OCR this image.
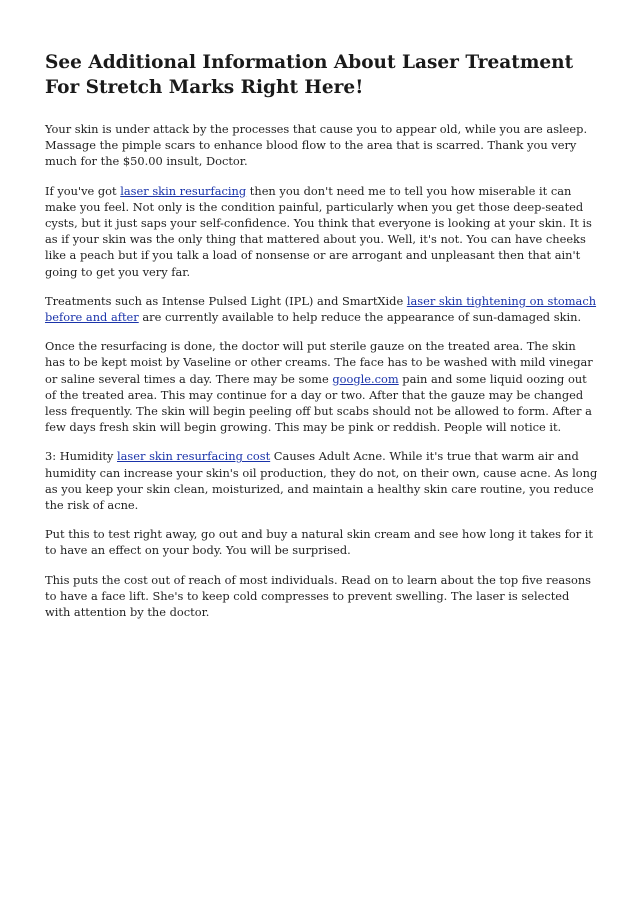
See Additional Information About Laser Treatment For Stretch Marks Right Here!

Your skin is under attack by the processes that cause you to appear old, while you are asleep. Massage the pimple scars to enhance blood flow to the area that is scarred. Thank you very much for the $50.00 insult, Doctor.

If you've got laser skin resurfacing then you don't need me to tell you how miserable it can make you feel. Not only is the condition painful, particularly when you get those deep-seated cysts, but it just saps your self-confidence. You think that everyone is looking at your skin. It is as if your skin was the only thing that mattered about you. Well, it's not. You can have cheeks like a peach but if you talk a load of nonsense or are arrogant and unpleasant then that ain't going to get you very far.

Treatments such as Intense Pulsed Light (IPL) and SmartXide laser skin tightening on stomach before and after are currently available to help reduce the appearance of sun-damaged skin.

Once the resurfacing is done, the doctor will put sterile gauze on the treated area. The skin has to be kept moist by Vaseline or other creams. The face has to be washed with mild vinegar or saline several times a day. There may be some google.com pain and some liquid oozing out of the treated area. This may continue for a day or two. After that the gauze may be changed less frequently. The skin will begin peeling off but scabs should not be allowed to form. After a few days fresh skin will begin growing. This may be pink or reddish. People will notice it.

3: Humidity laser skin resurfacing cost Causes Adult Acne. While it's true that warm air and humidity can increase your skin's oil production, they do not, on their own, cause acne. As long as you keep your skin clean, moisturized, and maintain a healthy skin care routine, you reduce the risk of acne.

Put this to test right away, go out and buy a natural skin cream and see how long it takes for it to have an effect on your body. You will be surprised.

This puts the cost out of reach of most individuals. Read on to learn about the top five reasons to have a face lift. She's to keep cold compresses to prevent swelling. The laser is selected with attention by the doctor.
